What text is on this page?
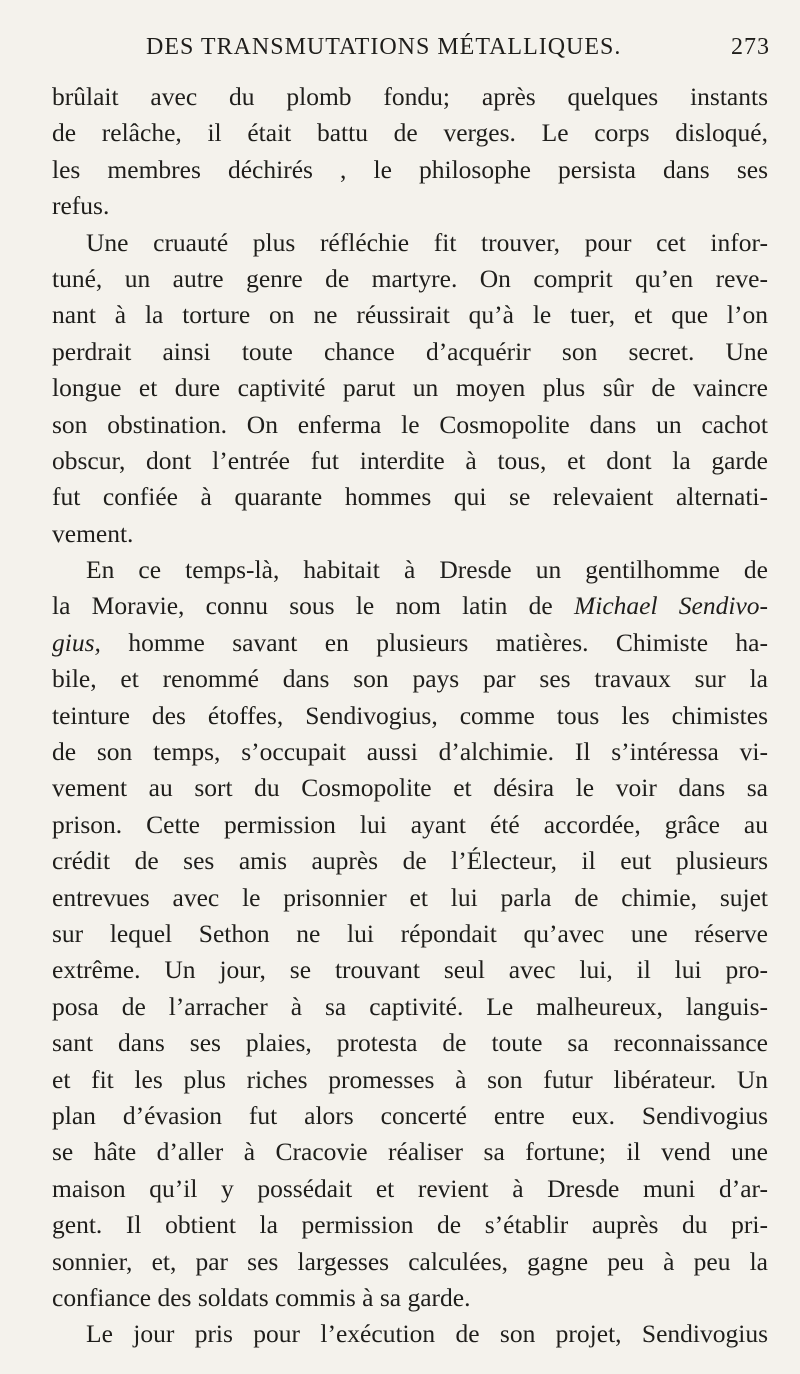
DES TRANSMUTATIONS MÉTALLIQUES.	273
brûlait avec du plomb fondu; après quelques instants
de relâche, il était battu de verges. Le corps disloqué,
les membres déchirés , le philosophe persista dans ses
refus.
Une cruauté plus réfléchie fit trouver, pour cet infor-
tuné, un autre genre de martyre. On comprit qu’en reve-
nant à la torture on ne réussirait qu’à le tuer, et que l’on
perdrait ainsi toute chance d’acquérir son secret. Une
longue et dure captivité parut un moyen plus sûr de vaincre
son obstination. On enferma le Cosmopolite dans un cachot
obscur, dont l’entrée fut interdite à tous, et dont la garde
fut confiée à quarante hommes qui se relevaient alternati-
vement.
En ce temps-là, habitait à Dresde un gentilhomme de
la Moravie, connu sous le nom latin de Michael Sendivo-
gius, homme savant en plusieurs matières. Chimiste ha-
bile, et renommé dans son pays par ses travaux sur la
teinture des étoffes, Sendivogius, comme tous les chimistes
de son temps, s’occupait aussi d’alchimie. Il s’intéressa vi-
vement au sort du Cosmopolite et désira le voir dans sa
prison. Cette permission lui ayant été accordée, grâce au
crédit de ses amis auprès de l’Électeur, il eut plusieurs
entrevues avec le prisonnier et lui parla de chimie, sujet
sur lequel Sethon ne lui répondait qu’avec une réserve
extrême. Un jour, se trouvant seul avec lui, il lui pro-
posa de l’arracher à sa captivité. Le malheureux, languis-
sant dans ses plaies, protesta de toute sa reconnaissance
et fit les plus riches promesses à son futur libérateur. Un
plan d’évasion fut alors concerté entre eux. Sendivogius
se hâte d’aller à Cracovie réaliser sa fortune; il vend une
maison qu’il y possédait et revient à Dresde muni d’ar-
gent. Il obtient la permission de s’établir auprès du pri-
sonnier, et, par ses largesses calculées, gagne peu à peu la
confiance des soldats commis à sa garde.
Le jour pris pour l’exécution de son projet, Sendivogius
